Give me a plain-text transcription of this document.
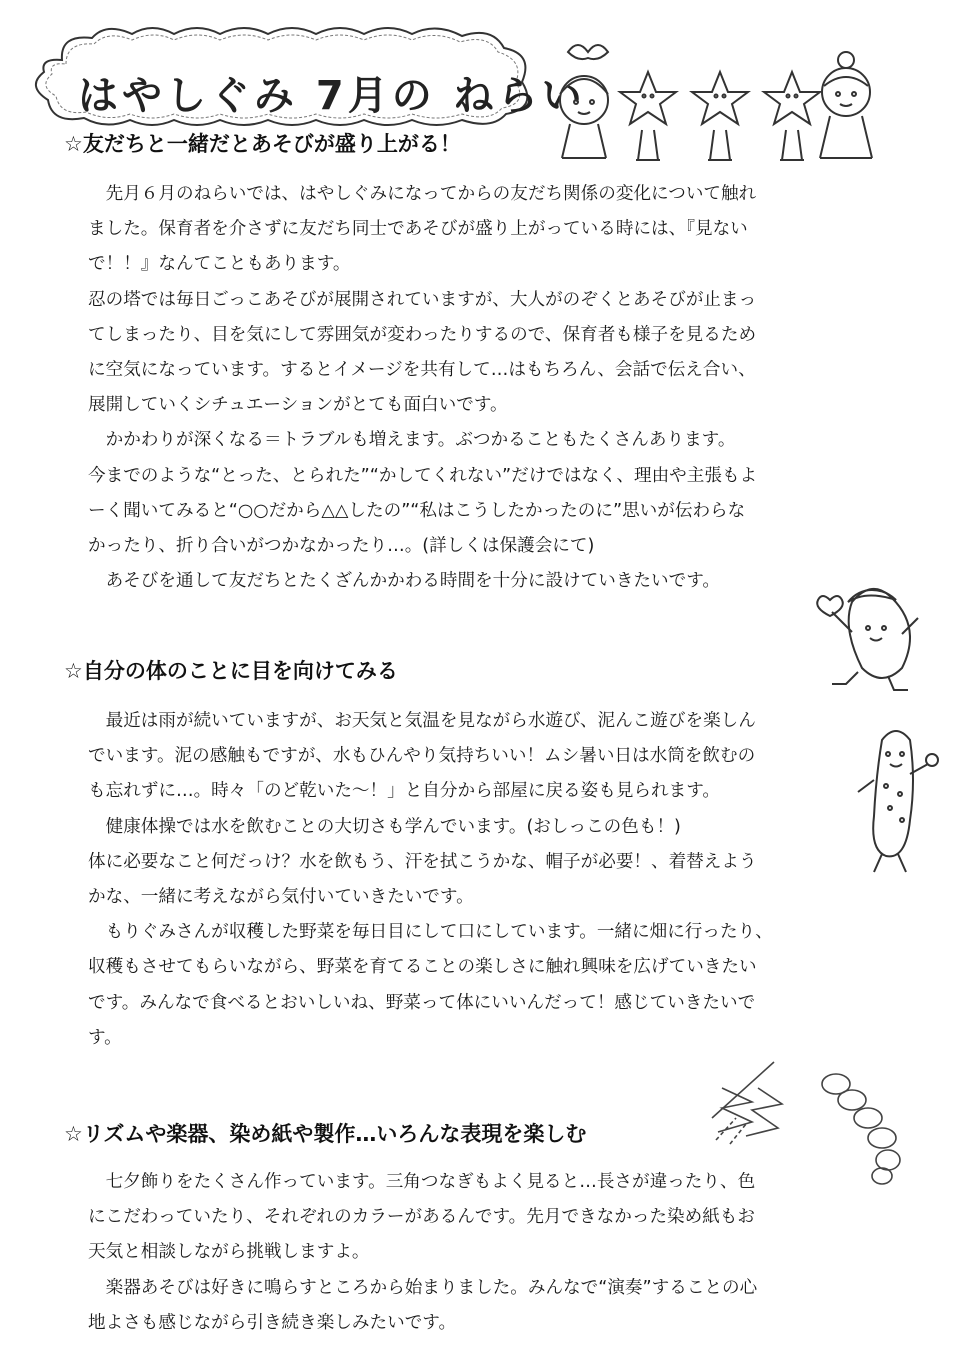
はやしぐみ 7月の ねらい
☆友だちと一緒だとあそびが盛り上がる！
　先月６月のねらいでは、はやしぐみになってからの友だち関係の変化について触れ
ました。保育者を介さずに友だち同士であそびが盛り上がっている時には、『見ない
で！！』なんてこともあります。
忍の塔では毎日ごっこあそびが展開されていますが、大人がのぞくとあそびが止まっ
てしまったり、目を気にして雰囲気が変わったりするので、保育者も様子を見るため
に空気になっています。するとイメージを共有して…はもちろん、会話で伝え合い、
展開していくシチュエーションがとても面白いです。
　かかわりが深くなる＝トラブルも増えます。ぶつかることもたくさんあります。
今までのような“とった、とられた”“かしてくれない”だけではなく、理由や主張もよ
ーく聞いてみると“○○だから△△したの”“私はこうしたかったのに”思いが伝わらな
かったり、折り合いがつかなかったり…。(詳しくは保護会にて)
　あそびを通して友だちとたくざんかかわる時間を十分に設けていきたいです。
☆自分の体のことに目を向けてみる
　最近は雨が続いていますが、お天気と気温を見ながら水遊び、泥んこ遊びを楽しん
でいます。泥の感触もですが、水もひんやり気持ちいい！ムシ暑い日は水筒を飲むの
も忘れずに…。時々「のど乾いた〜！」と自分から部屋に戻る姿も見られます。
　健康体操では水を飲むことの大切さも学んでいます。(おしっこの色も！)
体に必要なこと何だっけ？水を飲もう、汗を拭こうかな、帽子が必要！、着替えよう
かな、一緒に考えながら気付いていきたいです。
　もりぐみさんが収穫した野菜を毎日目にして口にしています。一緒に畑に行ったり、
収穫もさせてもらいながら、野菜を育てることの楽しさに触れ興味を広げていきたい
です。みんなで食べるとおいしいね、野菜って体にいいんだって！感じていきたいで
す。
☆リズムや楽器、染め紙や製作…いろんな表現を楽しむ
　七夕飾りをたくさん作っています。三角つなぎもよく見ると…長さが違ったり、色
にこだわっていたり、それぞれのカラーがあるんです。先月できなかった染め紙もお
天気と相談しながら挑戦しますよ。
　楽器あそびは好きに鳴らすところから始まりました。みんなで“演奏”することの心
地よさも感じながら引き続き楽しみたいです。
